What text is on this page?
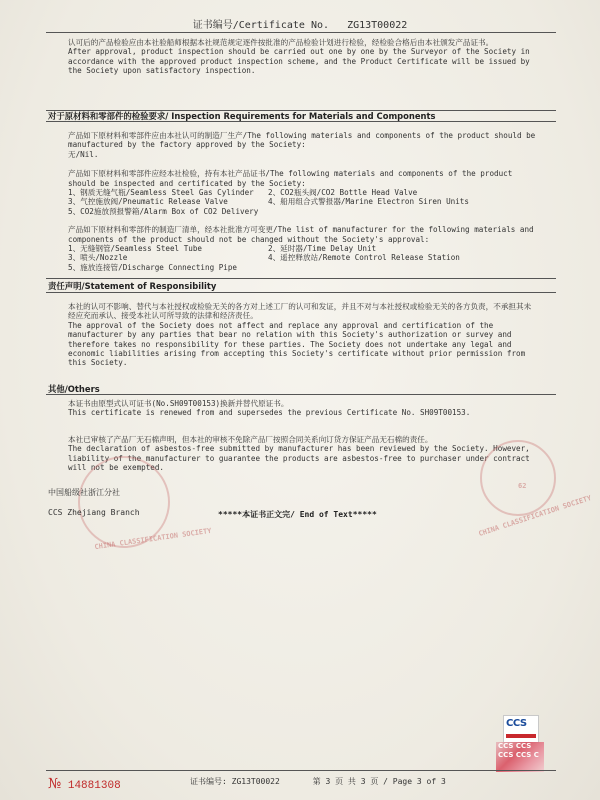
证书编号/Certificate No. ZG13T00022

认可后的产品检验应由本社验船师根据本社规范规定逐件按批准的产品检验计划进行检验，经检验合格后由本社颁发产品证书。

After approval, product inspection should be carried out one by one by the Surveyor of the Society in accordance with the approved product inspection scheme, and the Product Certificate will be issued by the Society upon satisfactory inspection.

对于原材料和零部件的检验要求/ Inspection Requirements for Materials and Components

产品如下原材料和零部件应由本社认可的制造厂生产/The following materials and components of the product should be manufactured by the factory approved by the Society:

无/Nil.

产品如下原材料和零部件应经本社检验，持有本社产品证书/The following materials and components of the product should be inspected and certificated by the Society:

1、钢质无缝气瓶/Seamless Steel Gas Cylinder	2、CO2瓶头阀/CO2 Bottle Head Valve
3、气控施放阀/Pneumatic Release Valve	4、船用组合式警报器/Marine Electron Siren Units
5、CO2施放预报警箱/Alarm Box of CO2 Delivery

产品如下原材料和零部件的制造厂清单，经本社批准方可变更/The list of manufacturer for the following materials and components of the product should not be changed without the Society's approval:

1、无缝钢管/Seamless Steel Tube	2、延时器/Time Delay Unit
3、喷头/Nozzle	4、遥控释放站/Remote Control Release Station
5、施放连接管/Discharge Connecting Pipe
责任声明/Statement of Responsibility

本社的认可不影响、替代与本社授权或检验无关的各方对上述工厂的认可和发证，并且不对与本社授权或检验无关的各方负责，不承担其未经应充而承认、接受本社认可所导致的法律和经济责任。

The approval of the Society does not affect and replace any approval and certification of the manufacturer by any parties that bear no relation with this Society's authorization or survey and therefore takes no responsibility for these parties. The Society does not undertake any legal and economic liabilities arising from accepting this Society's certificate without prior permission from this Society.

其他/Others

本证书由原型式认可证书(No.SH09T00153)换新并替代原证书。

This certificate is renewed from and supersedes the previous Certificate No. SH09T00153.

本社已审核了产品厂无石棉声明，但本社的审核不免除产品厂按照合同关系向订货方保证产品无石棉的责任。

The declaration of asbestos-free submitted by manufacturer has been reviewed by the Society. However, liability of the manufacturer to guarantee the products are asbestos-free to purchaser under contract will not be exempted.

CHINA CLASSIFICATION SOCIETY
62
CHINA CLASSIFICATION SOCIETY
中国船级社浙江分社
CCS Zhejiang Branch	*****本证书正文完/ End of Text*****
CCS
CCS CCS
CCS CCS C
№ 14881308	证书编号: ZG13T00022	第 3 页 共 3 页 / Page 3 of 3
